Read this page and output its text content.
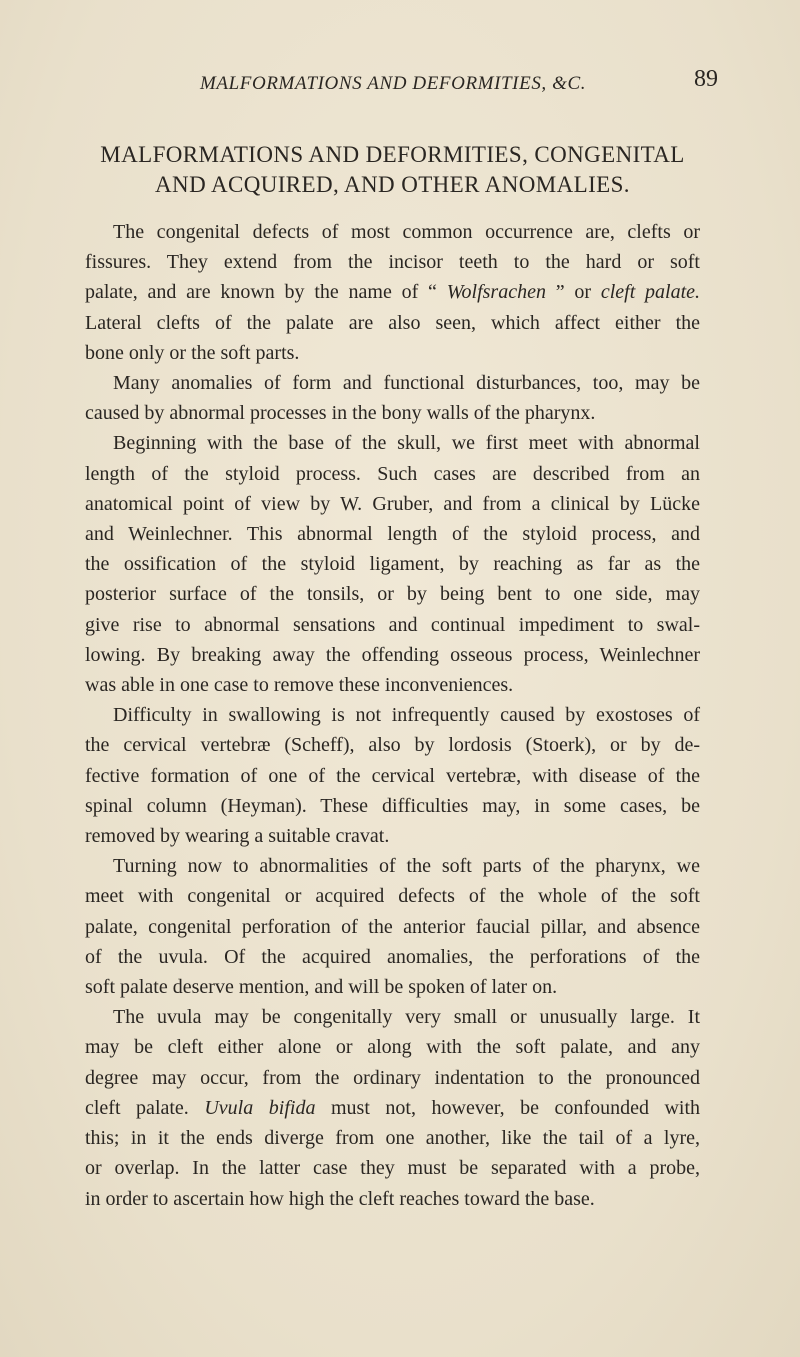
MALFORMATIONS AND DEFORMITIES, &C.	89
MALFORMATIONS AND DEFORMITIES, CONGENITAL
AND ACQUIRED, AND OTHER ANOMALIES.

The congenital defects of most common occurrence are, clefts or
fissures. They extend from the incisor teeth to the hard or soft
palate, and are known by the name of “ Wolfsrachen ” or cleft palate.
Lateral clefts of the palate are also seen, which affect either the
bone only or the soft parts.

Many anomalies of form and functional disturbances, too, may be
caused by abnormal processes in the bony walls of the pharynx.

Beginning with the base of the skull, we first meet with abnormal
length of the styloid process. Such cases are described from an
anatomical point of view by W. Gruber, and from a clinical by Lücke
and Weinlechner. This abnormal length of the styloid process, and
the ossification of the styloid ligament, by reaching as far as the
posterior surface of the tonsils, or by being bent to one side, may
give rise to abnormal sensations and continual impediment to swal-
lowing. By breaking away the offending osseous process, Weinlechner
was able in one case to remove these inconveniences.

Difficulty in swallowing is not infrequently caused by exostoses of
the cervical vertebræ (Scheff), also by lordosis (Stoerk), or by de-
fective formation of one of the cervical vertebræ, with disease of the
spinal column (Heyman). These difficulties may, in some cases, be
removed by wearing a suitable cravat.

Turning now to abnormalities of the soft parts of the pharynx, we
meet with congenital or acquired defects of the whole of the soft
palate, congenital perforation of the anterior faucial pillar, and absence
of the uvula. Of the acquired anomalies, the perforations of the
soft palate deserve mention, and will be spoken of later on.

The uvula may be congenitally very small or unusually large. It
may be cleft either alone or along with the soft palate, and any
degree may occur, from the ordinary indentation to the pronounced
cleft palate. Uvula bifida must not, however, be confounded with
this; in it the ends diverge from one another, like the tail of a lyre,
or overlap. In the latter case they must be separated with a probe,
in order to ascertain how high the cleft reaches toward the base.
